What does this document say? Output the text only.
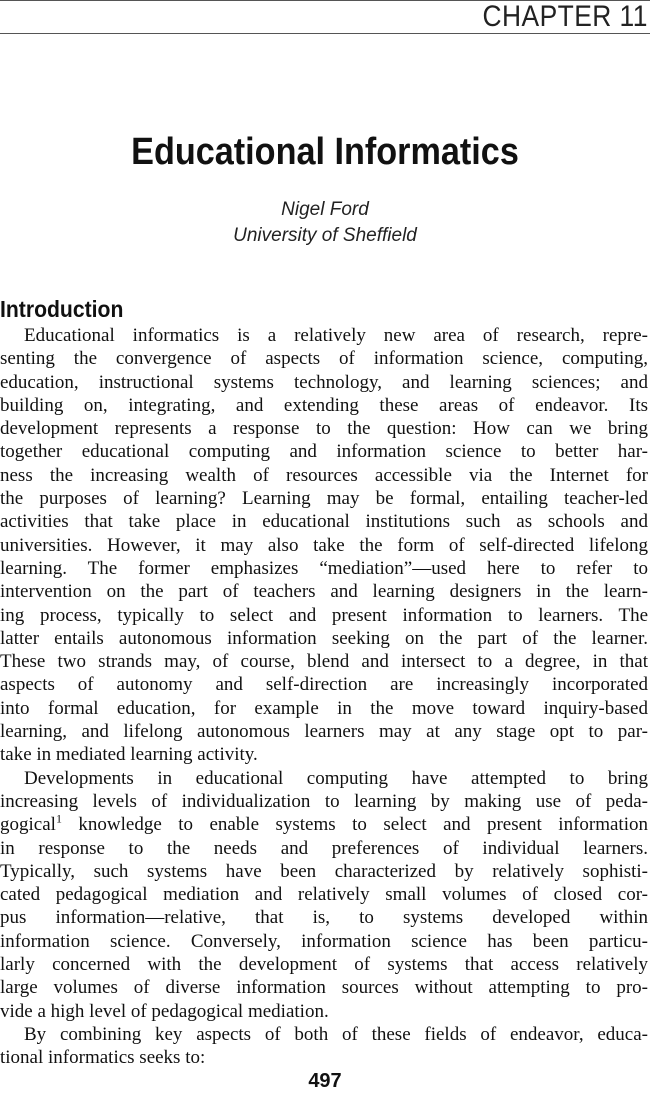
CHAPTER 11
Educational Informatics
Nigel Ford
University of Sheffield
Introduction
Educational informatics is a relatively new area of research, repre-
senting the convergence of aspects of information science, computing,
education, instructional systems technology, and learning sciences; and
building on, integrating, and extending these areas of endeavor. Its
development represents a response to the question: How can we bring
together educational computing and information science to better har-
ness the increasing wealth of resources accessible via the Internet for
the purposes of learning? Learning may be formal, entailing teacher-led
activities that take place in educational institutions such as schools and
universities. However, it may also take the form of self-directed lifelong
learning. The former emphasizes “mediation”—used here to refer to
intervention on the part of teachers and learning designers in the learn-
ing process, typically to select and present information to learners. The
latter entails autonomous information seeking on the part of the learner.
These two strands may, of course, blend and intersect to a degree, in that
aspects of autonomy and self-direction are increasingly incorporated
into formal education, for example in the move toward inquiry-based
learning, and lifelong autonomous learners may at any stage opt to par-
take in mediated learning activity.
Developments in educational computing have attempted to bring
increasing levels of individualization to learning by making use of peda-
gogical$^1$ knowledge to enable systems to select and present information
in response to the needs and preferences of individual learners.
Typically, such systems have been characterized by relatively sophisti-
cated pedagogical mediation and relatively small volumes of closed cor-
pus information—relative, that is, to systems developed within
information science. Conversely, information science has been particu-
larly concerned with the development of systems that access relatively
large volumes of diverse information sources without attempting to pro-
vide a high level of pedagogical mediation.
By combining key aspects of both of these fields of endeavor, educa-
tional informatics seeks to:
497
